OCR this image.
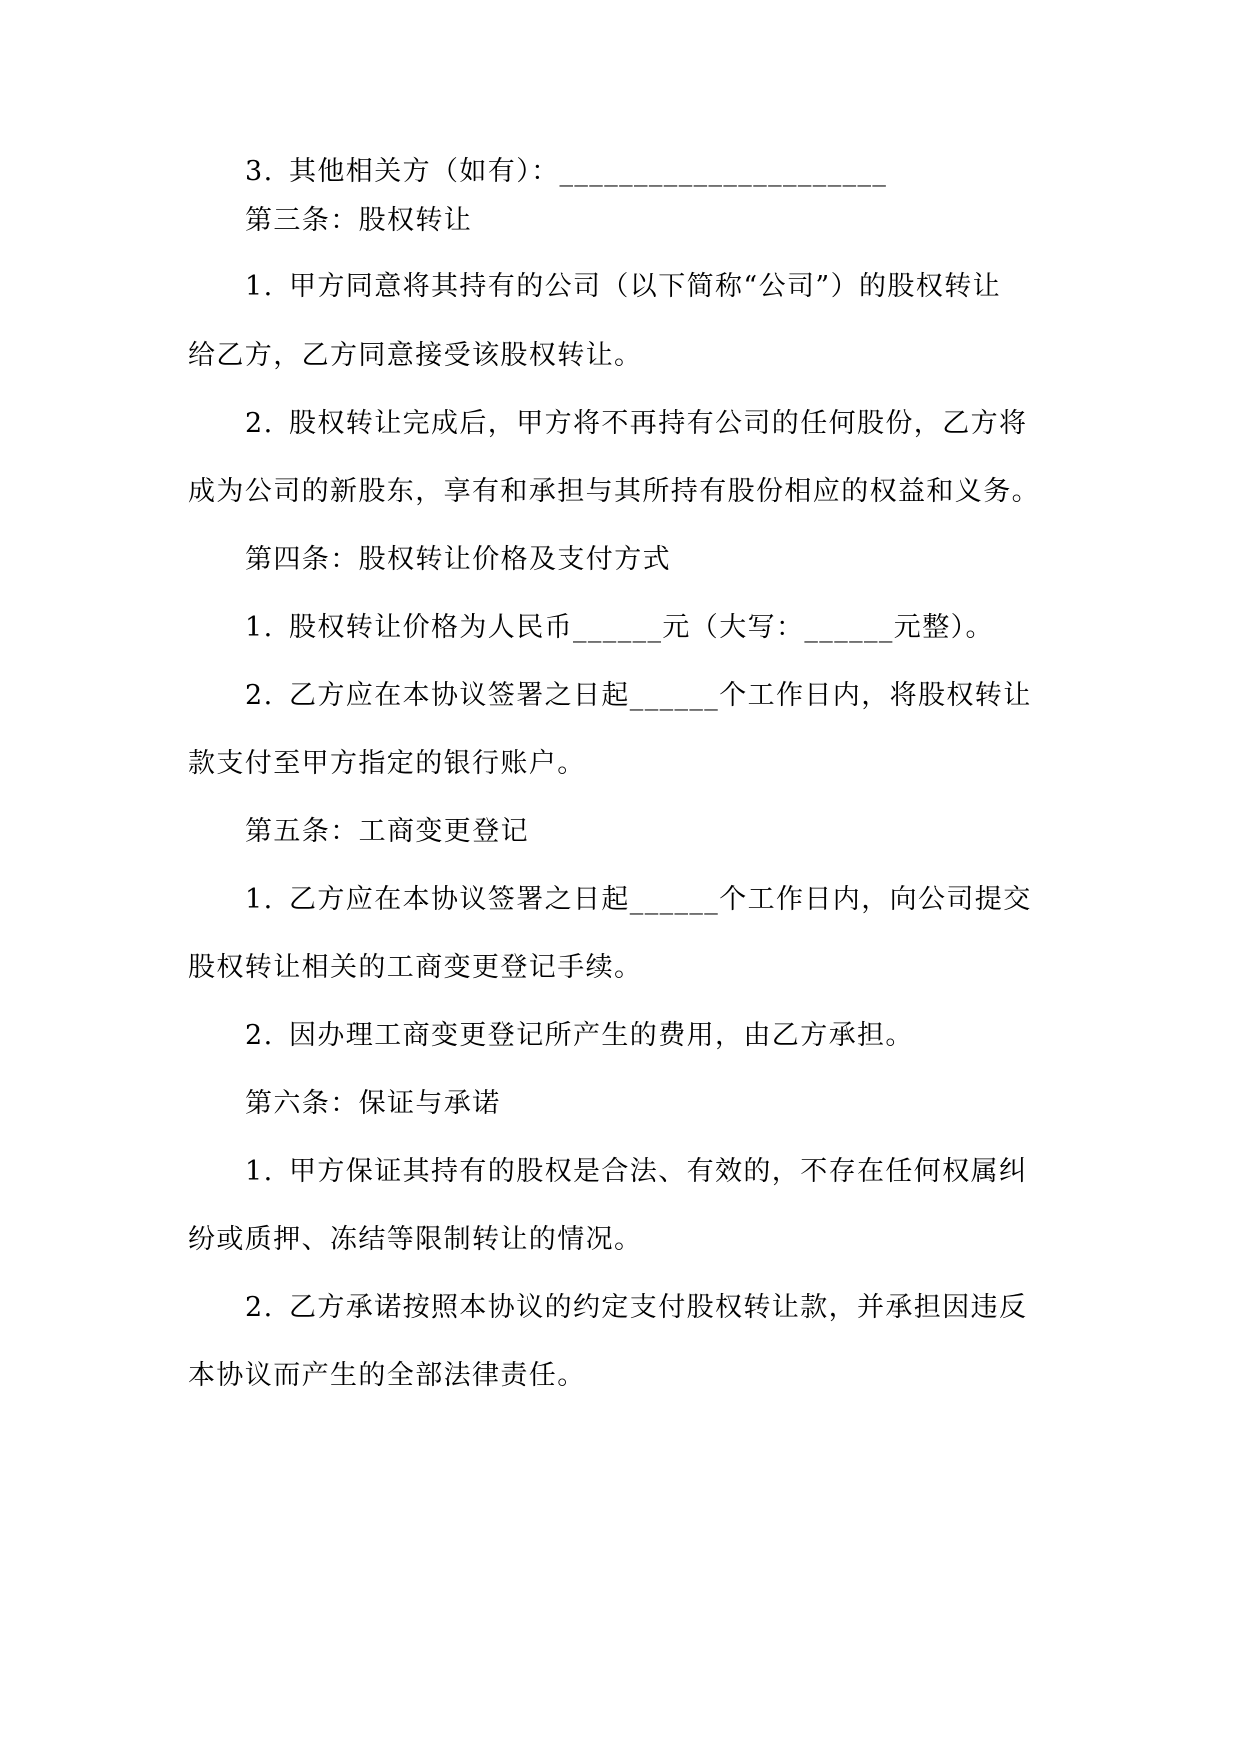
3. 其他相关方（如有）：______________________
第三条：股权转让
1. 甲方同意将其持有的公司（以下简称“公司”）的股权转让
给乙方，乙方同意接受该股权转让。
2. 股权转让完成后，甲方将不再持有公司的任何股份，乙方将
成为公司的新股东，享有和承担与其所持有股份相应的权益和义务。
第四条：股权转让价格及支付方式
1. 股权转让价格为人民币______元（大写：______元整）。
2. 乙方应在本协议签署之日起______个工作日内，将股权转让
款支付至甲方指定的银行账户。
第五条：工商变更登记
1. 乙方应在本协议签署之日起______个工作日内，向公司提交
股权转让相关的工商变更登记手续。
2. 因办理工商变更登记所产生的费用，由乙方承担。
第六条：保证与承诺
1. 甲方保证其持有的股权是合法、有效的，不存在任何权属纠
纷或质押、冻结等限制转让的情况。
2. 乙方承诺按照本协议的约定支付股权转让款，并承担因违反
本协议而产生的全部法律责任。
